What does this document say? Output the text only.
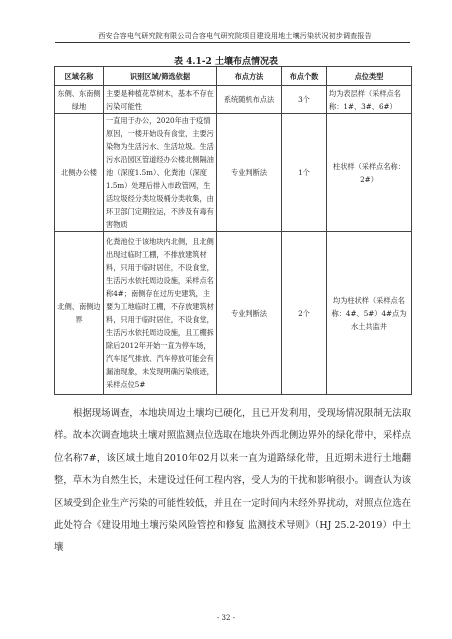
西安合容电气研究院有限公司合容电气研究院项目建设用地土壤污染状况初步调查报告
表 4.1-2 土壤布点情况表
区域名称	识别区域/筛选依据	布点方法	布点个数	点位类型
东侧、东南侧绿地	主要是种植花草树木，基本不存在污染可能性	系统随机布点法	3个	均为表层样（采样点名称：1#、3#、6#）
北侧办公楼	一直用于办公，2020年由于疫情原因，一楼开始设有食堂，主要污染物为生活污水、生活垃圾。生活污水沿园区管道经办公楼北侧隔油池（深度1.5m）、化粪池（深度1.5m）处理后排入市政管网，生活垃圾经分类垃圾桶分类收集，由环卫部门定期拉运，不涉及有毒有害物质	专业判断法	1个	柱状样（采样点名称：2#）
北侧、南侧边界	化粪池位于该地块内北侧，且北侧出现过临时工棚，不排放建筑材料，只用于临时居住，不设食堂，生活污水依托周边设施，采样点名称4#；南侧存在过历史建筑，主要为工地临时工棚，不存放建筑材料，只用于临时居住，不设食堂，生活污水依托周边设施，且工棚拆除后2012年开始一直为停车场，汽车尾气排放、汽车停放可能会有漏油现象，未发现明确污染痕迹，采样点位5#	专业判断法	2个	均为柱状样（采样点名称：4#、5#）4#点为水土共监井
根据现场调查，本地块周边土壤均已硬化，且已开发利用，受现场情况限制无法取样。故本次调查地块土壤对照监测点位选取在地块外西北侧边界外的绿化带中，采样点位名称7#，该区域土地自2010年02月以来一直为道路绿化带，且近期未进行土地翻整，草木为自然生长，未建设过任何工程内容，受人为的干扰和影响很小。调查认为该区域受到企业生产污染的可能性较低，并且在一定时间内未经外界扰动，对照点位选在此处符合《建设用地土壤污染风险管控和修复 监测技术导则》（HJ 25.2-2019）中土壤
- 32 -
